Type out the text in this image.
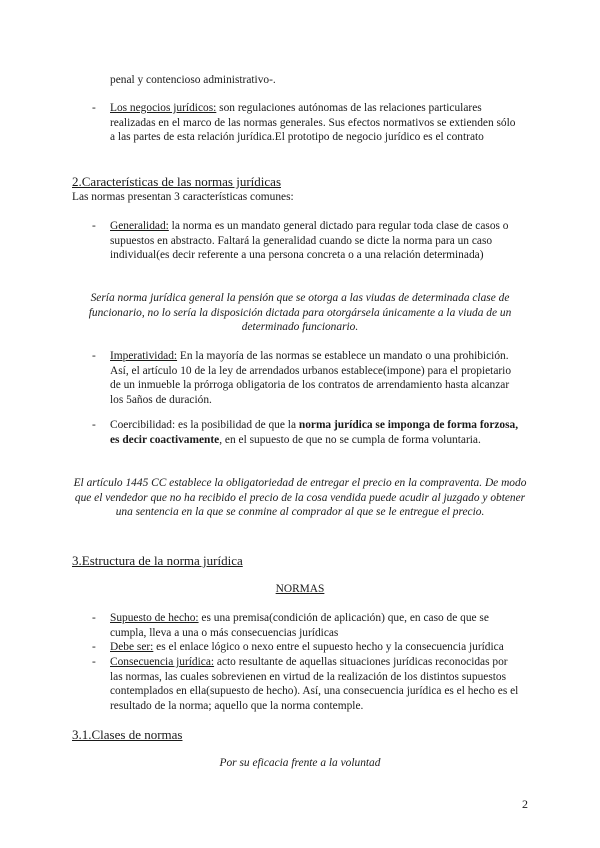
penal y contencioso administrativo-.
- Los negocios jurídicos: son regulaciones autónomas de las relaciones particulares realizadas en el marco de las normas generales. Sus efectos normativos se extienden sólo a las partes de esta relación jurídica.El prototipo de negocio jurídico es el contrato
2.Características de las normas jurídicas
Las normas presentan 3 características comunes:
- Generalidad: la norma es un mandato general dictado para regular toda clase de casos o supuestos en abstracto. Faltará la generalidad cuando se dicte la norma para un caso individual(es decir referente a una persona concreta o a una relación determinada)
Sería norma jurídica general la pensión que se otorga a las viudas de determinada clase de funcionario, no lo sería la disposición dictada para otorgársela únicamente a la viuda de un determinado funcionario.
- Imperatividad: En la mayoría de las normas se establece un mandato o una prohibición. Así, el artículo 10 de la ley de arrendados urbanos establece(impone) para el propietario de un inmueble la prórroga obligatoria de los contratos de arrendamiento hasta alcanzar los 5años de duración.
- Coercibilidad: es la posibilidad de que la norma jurídica se imponga de forma forzosa, es decir coactivamente, en el supuesto de que no se cumpla de forma voluntaria.
El artículo 1445 CC establece la obligatoriedad de entregar el precio en la compraventa. De modo que el vendedor que no ha recibido el precio de la cosa vendida puede acudir al juzgado y obtener una sentencia en la que se conmine al comprador al que se le entregue el precio.
3.Estructura de la norma jurídica
NORMAS
- Supuesto de hecho: es una premisa(condición de aplicación) que, en caso de que se cumpla, lleva a una o más consecuencias jurídicas
- Debe ser: es el enlace lógico o nexo entre el supuesto hecho y la consecuencia jurídica
- Consecuencia jurídica: acto resultante de aquellas situaciones jurídicas reconocidas por las normas, las cuales sobrevienen en virtud de la realización de los distintos supuestos contemplados en ella(supuesto de hecho). Así, una consecuencia jurídica es el hecho es el resultado de la norma; aquello que la norma contemple.
3.1.Clases de normas
Por su eficacia frente a la voluntad
2
